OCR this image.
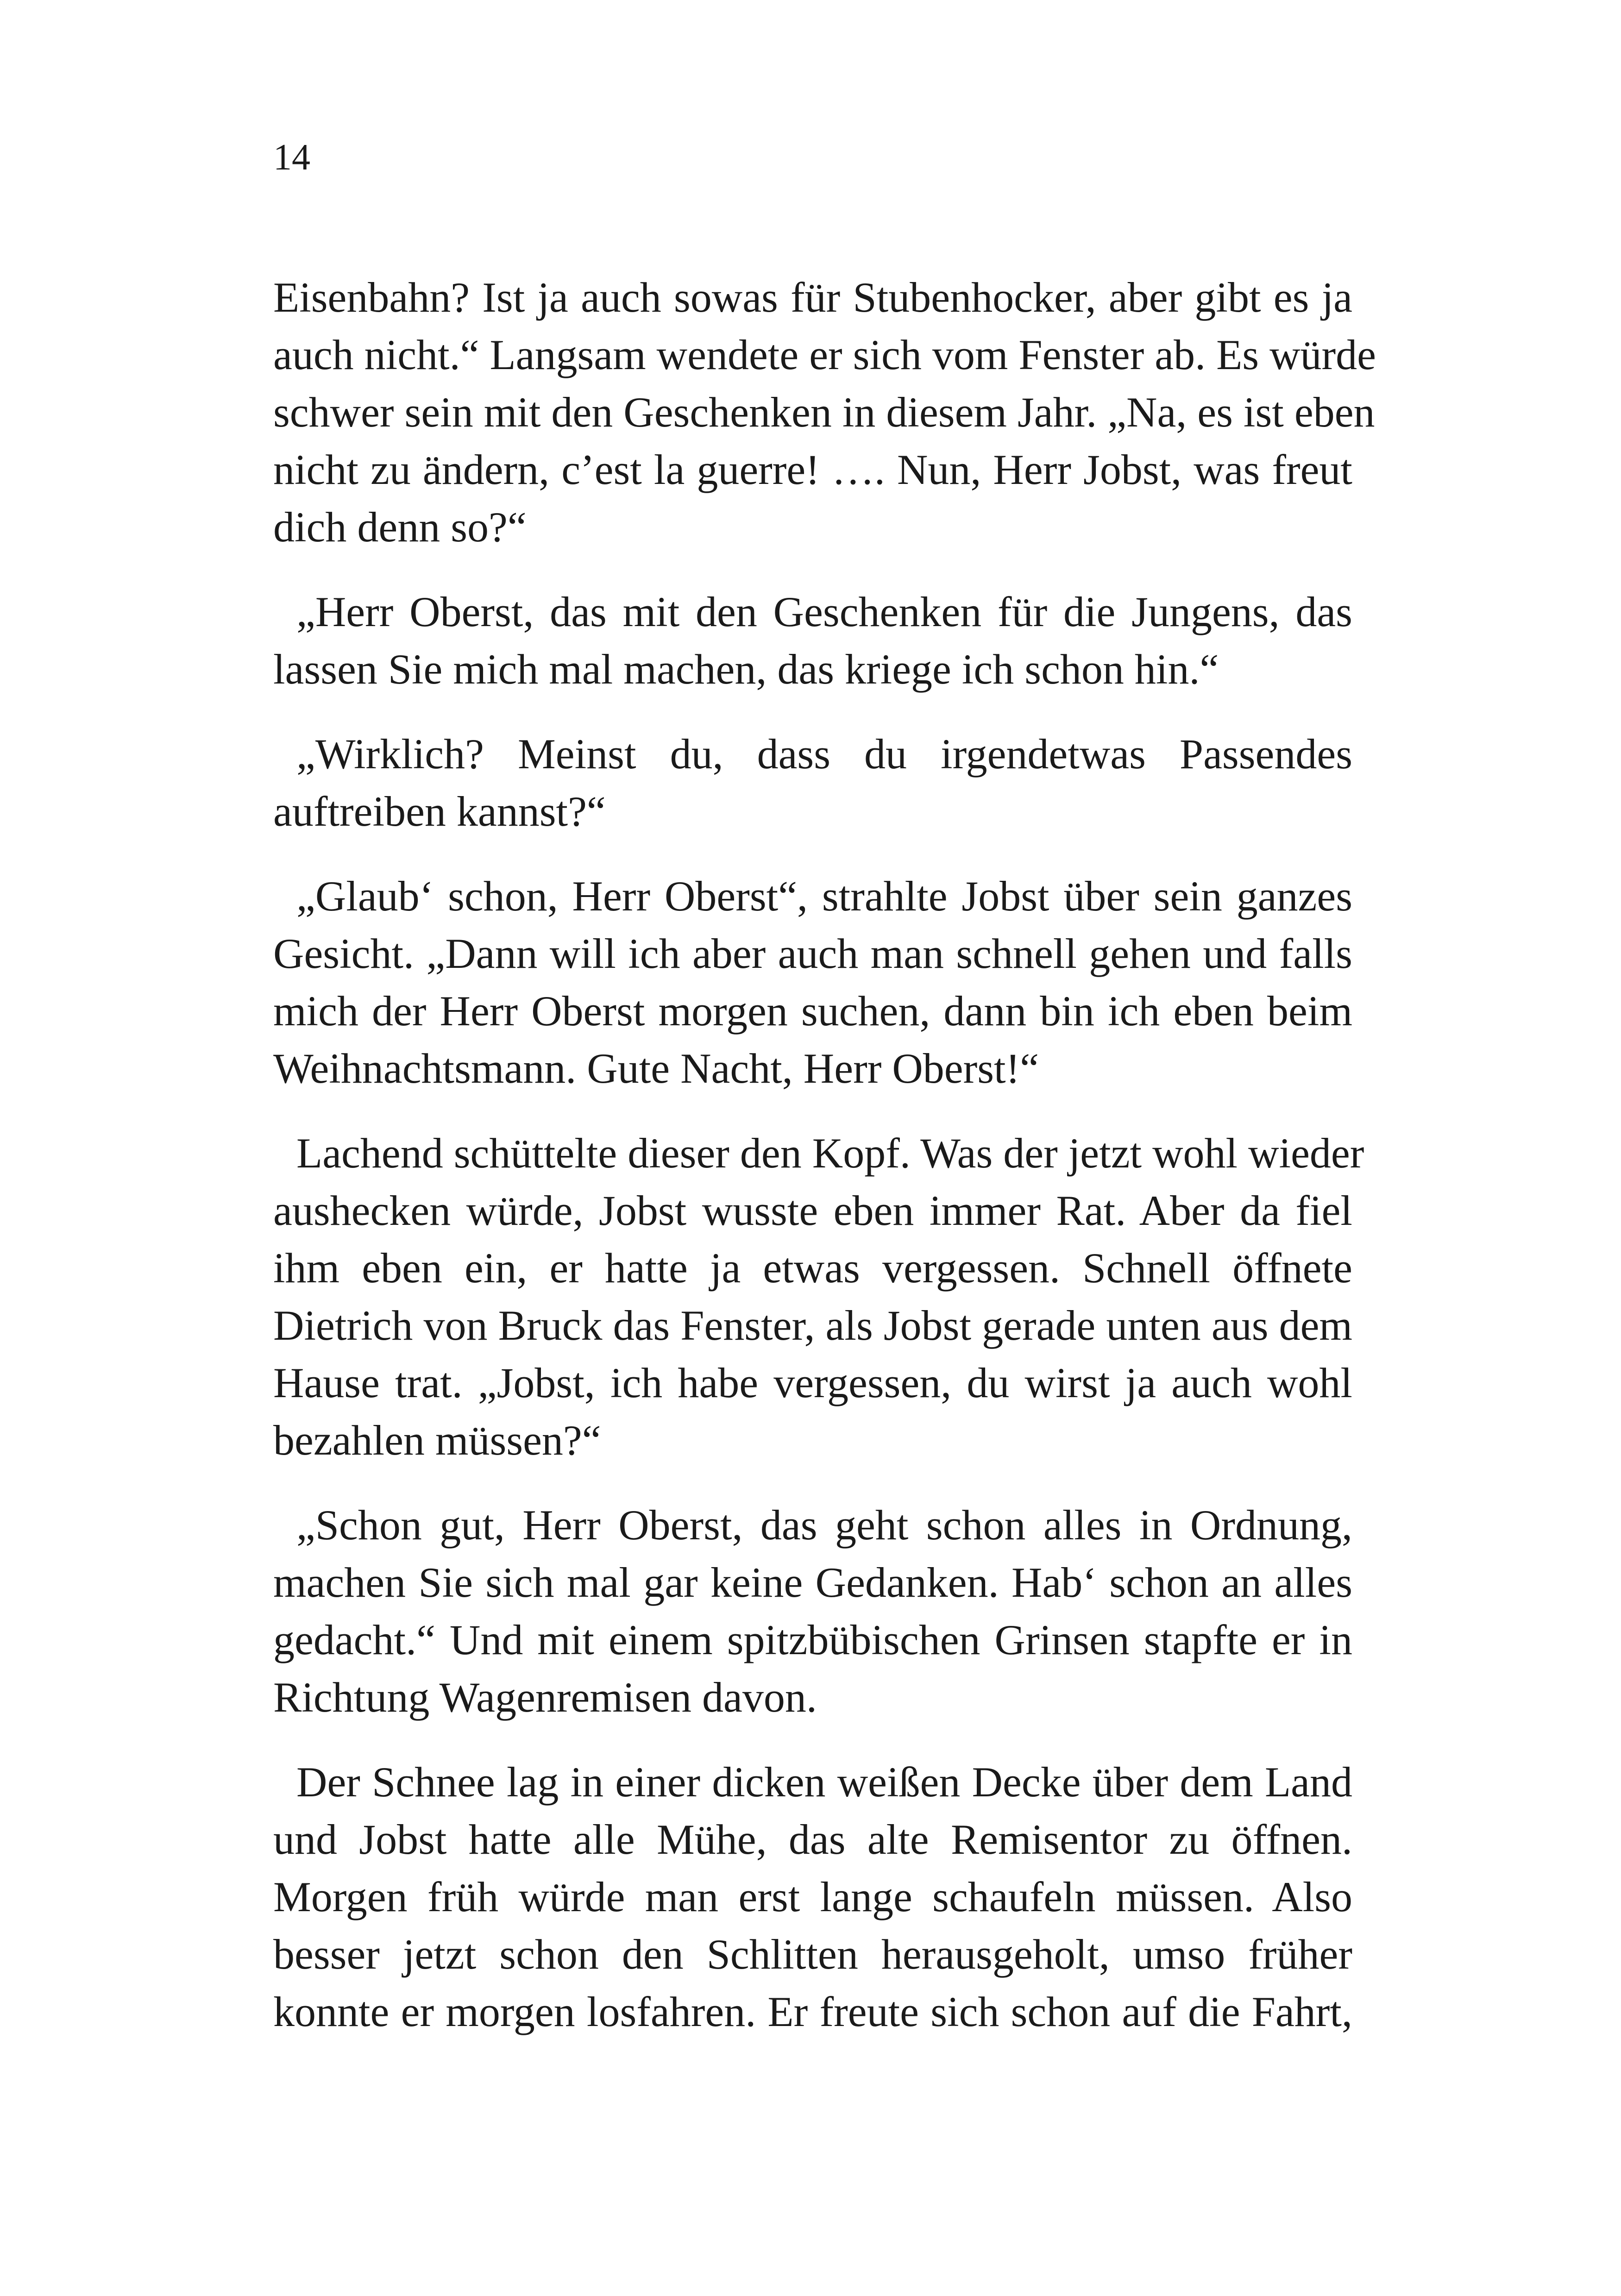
14

Eisenbahn? Ist ja auch sowas für Stubenhocker, aber gibt es ja
auch nicht.“ Langsam wendete er sich vom Fenster ab. Es würde
schwer sein mit den Geschenken in diesem Jahr. „Na, es ist eben
nicht zu ändern, c’est la guerre! …. Nun, Herr Jobst, was freut
dich denn so?“
„Herr Oberst, das mit den Geschenken für die Jungens, das
lassen Sie mich mal machen, das kriege ich schon hin.“
„Wirklich? Meinst du, dass du irgendetwas Passendes
auftreiben kannst?“
„Glaub‘ schon, Herr Oberst“, strahlte Jobst über sein ganzes
Gesicht. „Dann will ich aber auch man schnell gehen und falls
mich der Herr Oberst morgen suchen, dann bin ich eben beim
Weihnachtsmann. Gute Nacht, Herr Oberst!“
Lachend schüttelte dieser den Kopf. Was der jetzt wohl wieder
aushecken würde, Jobst wusste eben immer Rat. Aber da fiel
ihm eben ein, er hatte ja etwas vergessen. Schnell öffnete
Dietrich von Bruck das Fenster, als Jobst gerade unten aus dem
Hause trat. „Jobst, ich habe vergessen, du wirst ja auch wohl
bezahlen müssen?“
„Schon gut, Herr Oberst, das geht schon alles in Ordnung,
machen Sie sich mal gar keine Gedanken. Hab‘ schon an alles
gedacht.“ Und mit einem spitzbübischen Grinsen stapfte er in
Richtung Wagenremisen davon.
Der Schnee lag in einer dicken weißen Decke über dem Land
und Jobst hatte alle Mühe, das alte Remisentor zu öffnen.
Morgen früh würde man erst lange schaufeln müssen. Also
besser jetzt schon den Schlitten herausgeholt, umso früher
konnte er morgen losfahren. Er freute sich schon auf die Fahrt,
